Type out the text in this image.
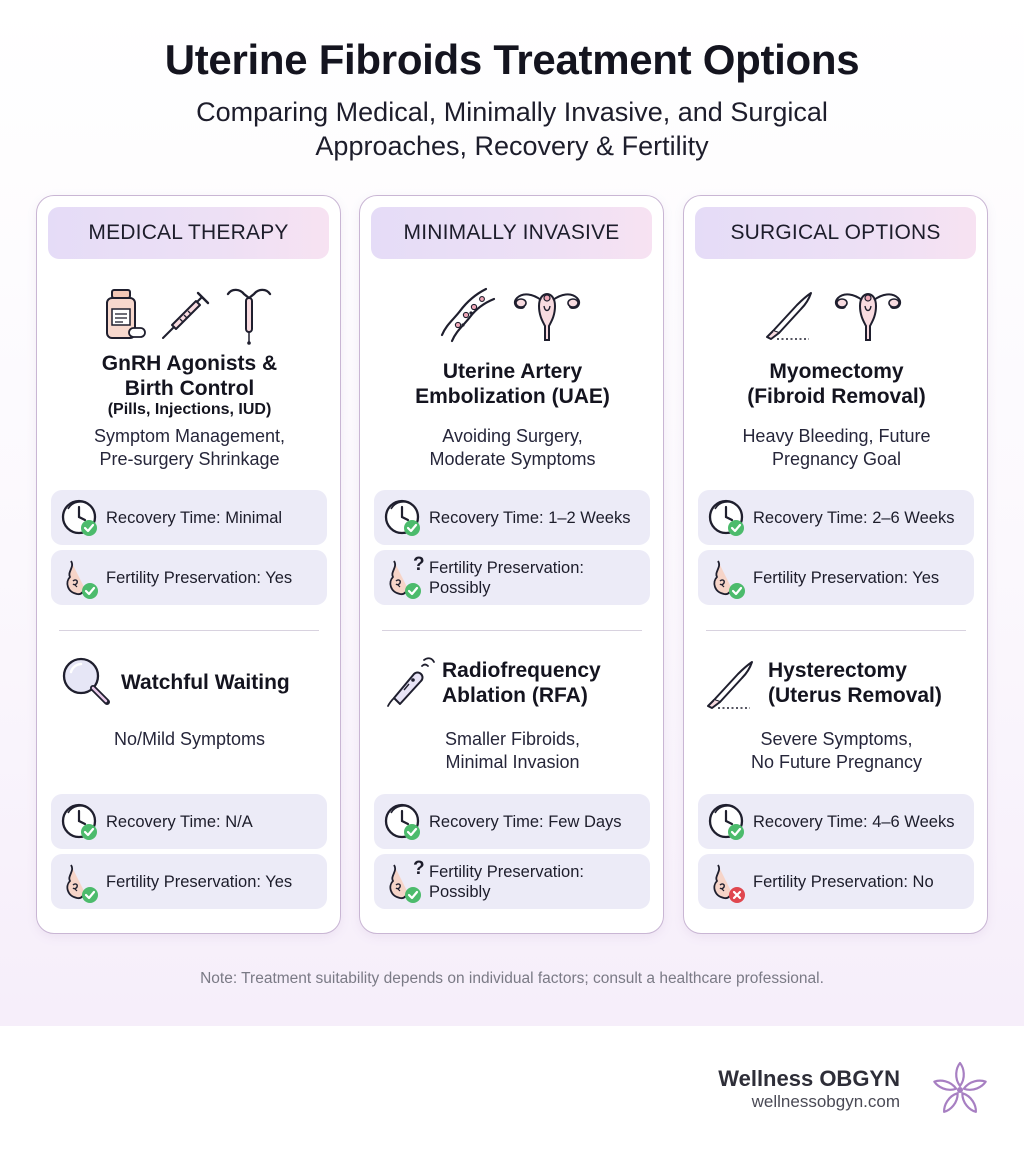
Uterine Fibroids Treatment Options
Comparing Medical, Minimally Invasive, and Surgical
Approaches, Recovery & Fertility
MEDICAL THERAPY

GnRH Agonists &
Birth Control
(Pills, Injections, IUD)
Symptom Management,
Pre-surgery Shrinkage
Recovery Time: Minimal
Fertility Preservation: Yes
Watchful Waiting
No/Mild Symptoms
Recovery Time: N/A
Fertility Preservation: Yes
MINIMALLY INVASIVE

Uterine Artery
Embolization (UAE)
Avoiding Surgery,
Moderate Symptoms
Recovery Time: 1–2 Weeks
? Fertility Preservation:
Possibly
Radiofrequency
Ablation (RFA)
Smaller Fibroids,
Minimal Invasion
Recovery Time: Few Days
? Fertility Preservation:
Possibly
SURGICAL OPTIONS

Myomectomy
(Fibroid Removal)
Heavy Bleeding, Future
Pregnancy Goal
Recovery Time: 2–6 Weeks
Fertility Preservation: Yes
Hysterectomy
(Uterus Removal)
Severe Symptoms,
No Future Pregnancy
Recovery Time: 4–6 Weeks
Fertility Preservation: No
Note: Treatment suitability depends on individual factors; consult a healthcare professional.
Wellness OBGYN
wellnessobgyn.com
